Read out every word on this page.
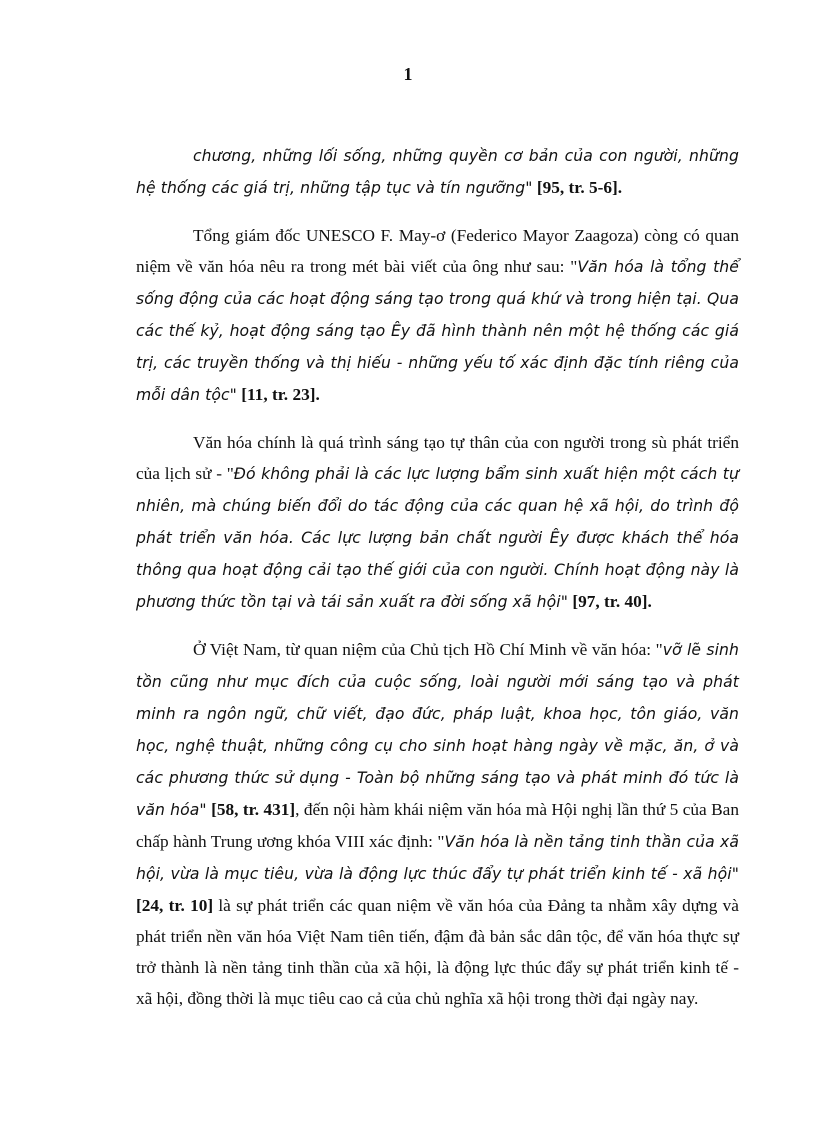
1

chương, những lối sống, những quyền cơ bản của con người, những hệ thống các giá trị, những tập tục và tín ngưỡng" [95, tr. 5-6].

Tổng giám đốc UNESCO F. May-ơ (Federico Mayor Zaagoza) còng có quan niệm về văn hóa nêu ra trong mét bài viết của ông như sau: "Văn hóa là tổng thể sống động của các hoạt động sáng tạo trong quá khứ và trong hiện tại. Qua các thế kỷ, hoạt động sáng tạo Êy đã hình thành nên một hệ thống các giá trị, các truyền thống và thị hiếu - những yếu tố xác định đặc tính riêng của mỗi dân tộc" [11, tr. 23].

Văn hóa chính là quá trình sáng tạo tự thân của con người trong sù phát triển của lịch sử - "Đó không phải là các lực lượng bẩm sinh xuất hiện một cách tự nhiên, mà chúng biến đổi do tác động của các quan hệ xã hội, do trình độ phát triển văn hóa. Các lực lượng bản chất người Êy được khách thể hóa thông qua hoạt động cải tạo thế giới của con người. Chính hoạt động này là phương thức tồn tại và tái sản xuất ra đời sống xã hội" [97, tr. 40].

Ở Việt Nam, từ quan niệm của Chủ tịch Hồ Chí Minh về văn hóa: "vỡ lẽ sinh tồn cũng như mục đích của cuộc sống, loài người mới sáng tạo và phát minh ra ngôn ngữ, chữ viết, đạo đức, pháp luật, khoa học, tôn giáo, văn học, nghệ thuật, những công cụ cho sinh hoạt hàng ngày về mặc, ăn, ở và các phương thức sử dụng - Toàn bộ những sáng tạo và phát minh đó tức là văn hóa" [58, tr. 431], đến nội hàm khái niệm văn hóa mà Hội nghị lần thứ 5 của Ban chấp hành Trung ương khóa VIII xác định: "Văn hóa là nền tảng tinh thần của xã hội, vừa là mục tiêu, vừa là động lực thúc đẩy tự phát triển kinh tế - xã hội" [24, tr. 10] là sự phát triển các quan niệm về văn hóa của Đảng ta nhằm xây dựng và phát triển nền văn hóa Việt Nam tiên tiến, đậm đà bản sắc dân tộc, để văn hóa thực sự trở thành là nền tảng tinh thần của xã hội, là động lực thúc đẩy sự phát triển kinh tế - xã hội, đồng thời là mục tiêu cao cả của chủ nghĩa xã hội trong thời đại ngày nay.
